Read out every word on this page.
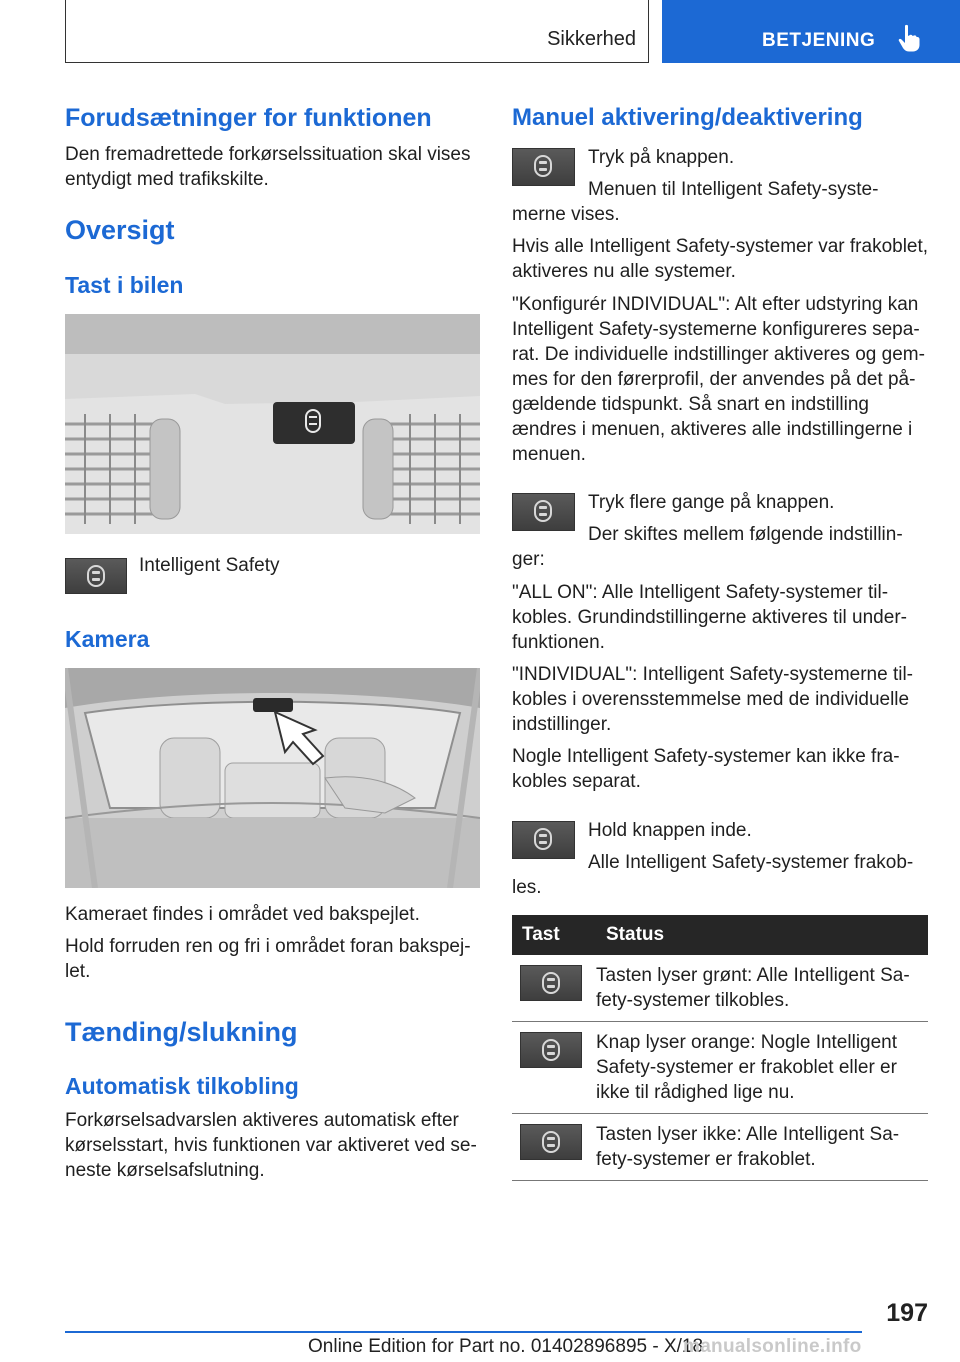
Sikkerhed	BETJENING
Forudsætninger for funktionen

Den fremadrettede forkørselssituation skal vises

entydigt med trafikskilte.

Oversigt
Tast i bilen

Intelligent Safety

Kamera

Kameraet findes i området ved bakspejlet.

Hold forruden ren og fri i området foran bakspej-

let.

Tænding/slukning
Automatisk tilkobling

Forkørselsadvarslen aktiveres automatisk efter

kørselsstart, hvis funktionen var aktiveret ved se-

neste kørselsafslutning.

Manuel aktivering/deaktivering

Tryk på knappen.

Menuen til Intelligent Safety-syste-

merne vises.

Hvis alle Intelligent Safety-systemer var frakoblet,

aktiveres nu alle systemer.

"Konfigurér INDIVIDUAL": Alt efter udstyring kan

Intelligent Safety-systemerne konfigureres sepa-

rat. De individuelle indstillinger aktiveres og gem-

mes for den førerprofil, der anvendes på det på-

gældende tidspunkt. Så snart en indstilling

ændres i menuen, aktiveres alle indstillingerne i

menuen.

Tryk flere gange på knappen.

Der skiftes mellem følgende indstillin-

ger:

"ALL ON": Alle Intelligent Safety-systemer til-

kobles. Grundindstillingerne aktiveres til under-

funktionen.

"INDIVIDUAL": Intelligent Safety-systemerne til-

kobles i overensstemmelse med de individuelle

indstillinger.

Nogle Intelligent Safety-systemer kan ikke fra-

kobles separat.

Hold knappen inde.

Alle Intelligent Safety-systemer frakob-

les.

Tast	Status

	Tasten lyser grønt: Alle Intelligent Sa-
fety-systemer tilkobles.

	Knap lyser orange: Nogle Intelligent
Safety-systemer er frakoblet eller er
ikke til rådighed lige nu.

	Tasten lyser ikke: Alle Intelligent Sa-
fety-systemer er frakoblet.
197
Online Edition for Part no. 01402896895 - X/18
manualsonline.info
